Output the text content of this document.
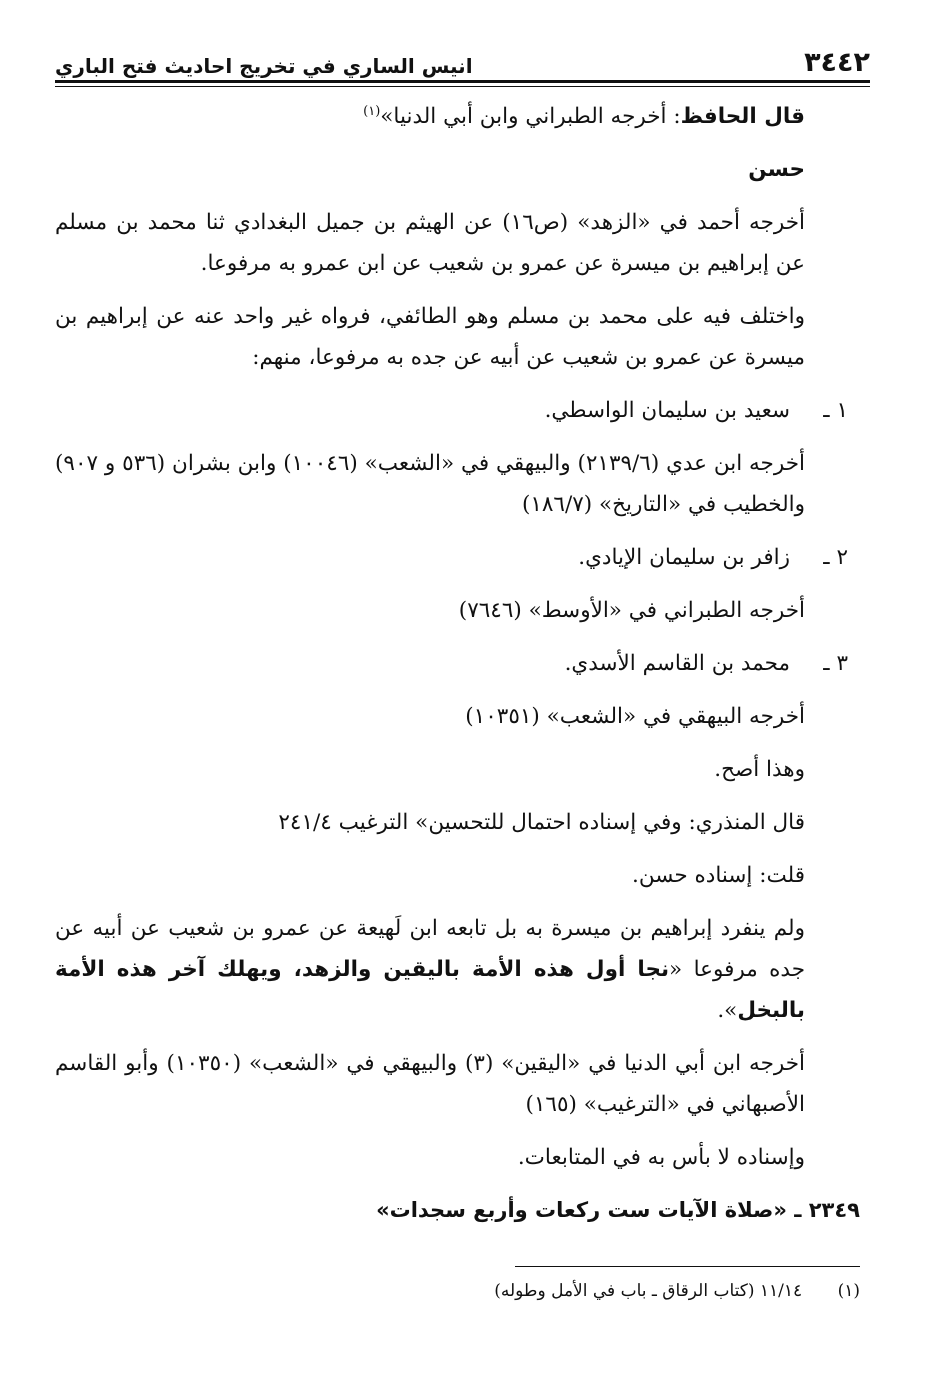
٣٤٤٢
انيس الساري في تخريج احاديث فتح الباري

قال الحافظ: أخرجه الطبراني وابن أبي الدنيا»$^{(١)}$

حسن

أخرجه أحمد في «الزهد» (ص١٦) عن الهيثم بن جميل البغدادي ثنا محمد بن مسلم عن إبراهيم بن ميسرة عن عمرو بن شعيب عن ابن عمرو به مرفوعا.

واختلف فيه على محمد بن مسلم وهو الطائفي، فرواه غير واحد عنه عن إبراهيم بن ميسرة عن عمرو بن شعيب عن أبيه عن جده به مرفوعا، منهم:

١ ـ
سعيد بن سليمان الواسطي.

أخرجه ابن عدي (٢١٣٩/٦) والبيهقي في «الشعب» (١٠٠٤٦) وابن بشران (٥٣٦ و ٩٠٧) والخطيب في «التاريخ» (١٨٦/٧)

٢ ـ
زافر بن سليمان الإيادي.

أخرجه الطبراني في «الأوسط» (٧٦٤٦)

٣ ـ
محمد بن القاسم الأسدي.

أخرجه البيهقي في «الشعب» (١٠٣٥١)

وهذا أصح.

قال المنذري: وفي إسناده احتمال للتحسين» الترغيب ٢٤١/٤

قلت: إسناده حسن.

ولم ينفرد إبراهيم بن ميسرة به بل تابعه ابن لَهيعة عن عمرو بن شعيب عن أبيه عن جده مرفوعا «نجا أول هذه الأمة باليقين والزهد، ويهلك آخر هذه الأمة بالبخل».

أخرجه ابن أبي الدنيا في «اليقين» (٣) والبيهقي في «الشعب» (١٠٣٥٠) وأبو القاسم الأصبهاني في «الترغيب» (١٦٥)

وإسناده لا بأس به في المتابعات.

٢٣٤٩ ـ «صلاة الآيات ست ركعات وأربع سجدات»

(١) ١١/١٤ (كتاب الرقاق ـ باب في الأمل وطوله)
